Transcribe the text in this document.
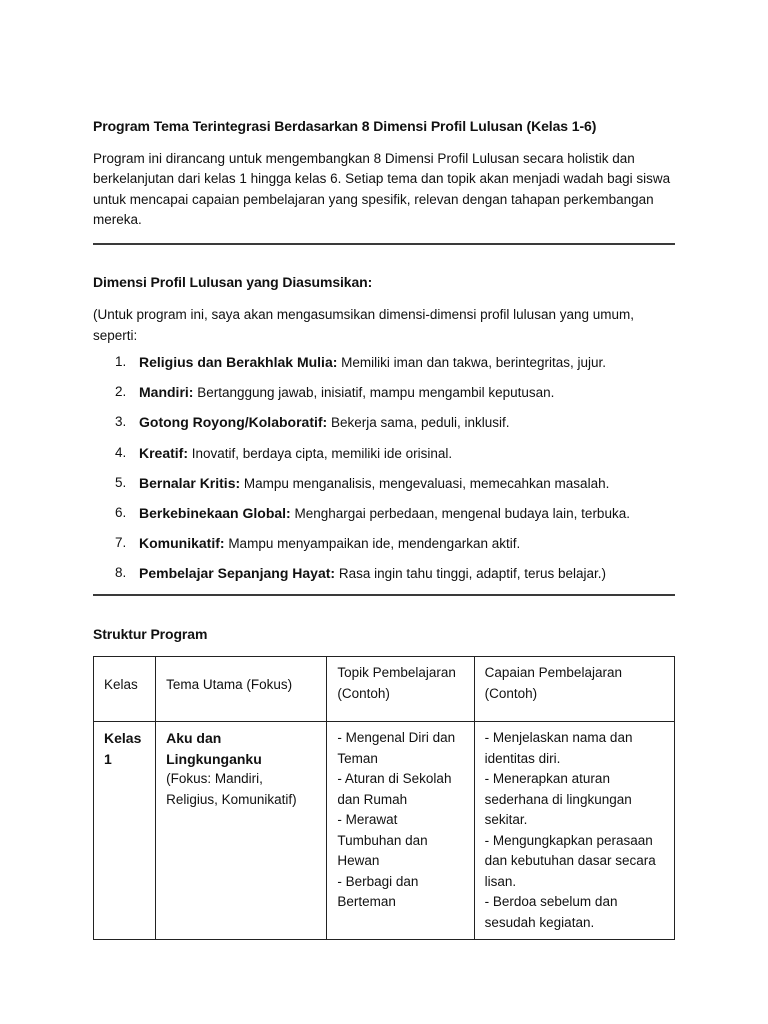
Program Tema Terintegrasi Berdasarkan 8 Dimensi Profil Lulusan (Kelas 1-6)

Program ini dirancang untuk mengembangkan 8 Dimensi Profil Lulusan secara holistik dan berkelanjutan dari kelas 1 hingga kelas 6. Setiap tema dan topik akan menjadi wadah bagi siswa untuk mencapai capaian pembelajaran yang spesifik, relevan dengan tahapan perkembangan mereka.

Dimensi Profil Lulusan yang Diasumsikan:

(Untuk program ini, saya akan mengasumsikan dimensi-dimensi profil lulusan yang umum, seperti:

1. Religius dan Berakhlak Mulia: Memiliki iman dan takwa, berintegritas, jujur.
2. Mandiri: Bertanggung jawab, inisiatif, mampu mengambil keputusan.
3. Gotong Royong/Kolaboratif: Bekerja sama, peduli, inklusif.
4. Kreatif: Inovatif, berdaya cipta, memiliki ide orisinal.
5. Bernalar Kritis: Mampu menganalisis, mengevaluasi, memecahkan masalah.
6. Berkebinekaan Global: Menghargai perbedaan, mengenal budaya lain, terbuka.
7. Komunikatif: Mampu menyampaikan ide, mendengarkan aktif.
8. Pembelajar Sepanjang Hayat: Rasa ingin tahu tinggi, adaptif, terus belajar.)
Struktur Program
Kelas	Tema Utama (Fokus)	Topik Pembelajaran (Contoh)	Capaian Pembelajaran (Contoh)

Kelas 1	Aku dan Lingkunganku
(Fokus: Mandiri, Religius, Komunikatif)	- Mengenal Diri dan Teman
- Aturan di Sekolah dan Rumah
- Merawat Tumbuhan dan Hewan
- Berbagi dan Berteman	- Menjelaskan nama dan identitas diri.
- Menerapkan aturan sederhana di lingkungan sekitar.
- Mengungkapkan perasaan dan kebutuhan dasar secara lisan.
- Berdoa sebelum dan sesudah kegiatan.
